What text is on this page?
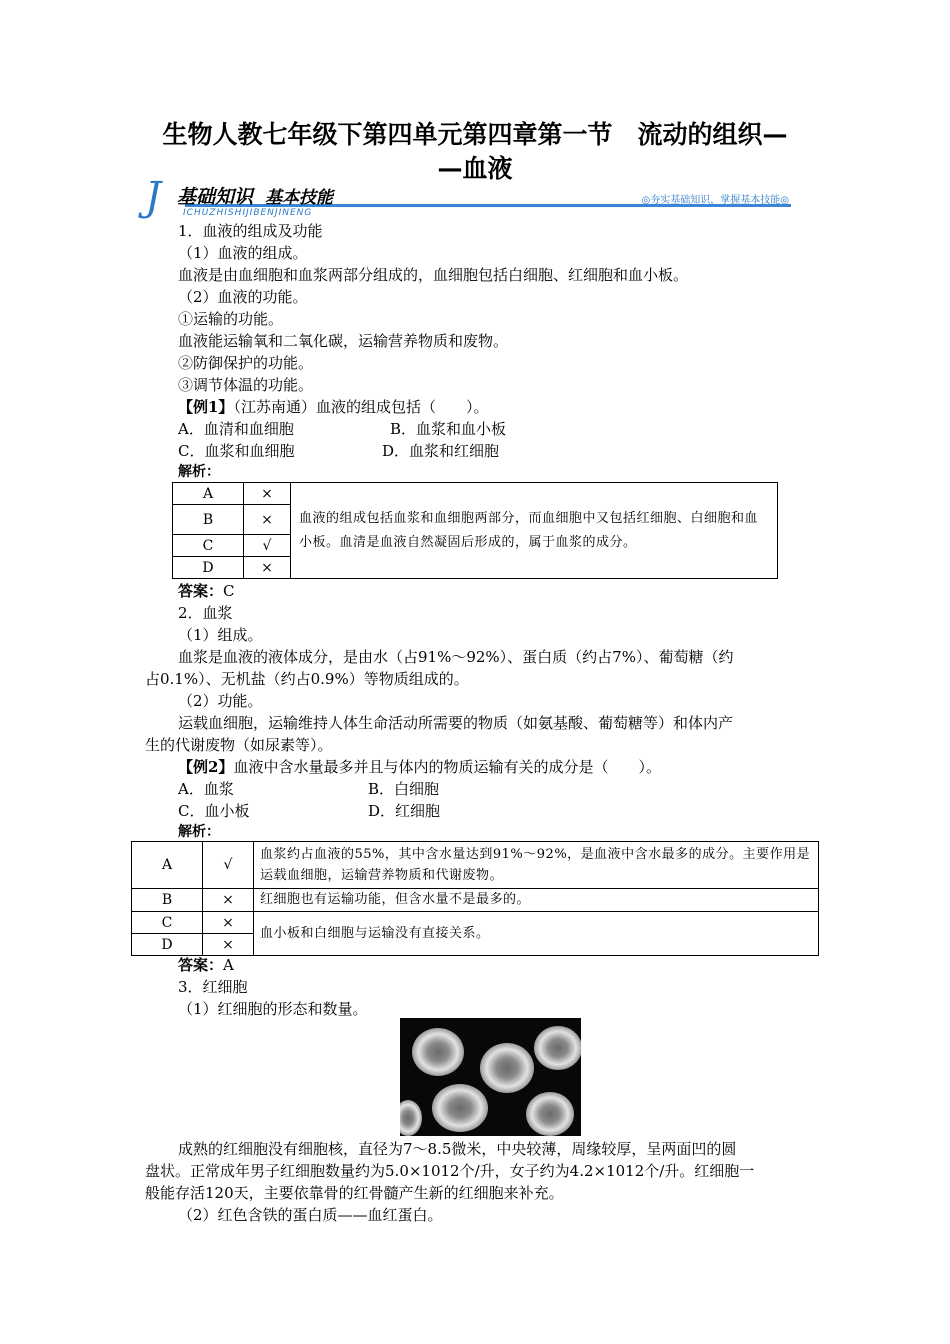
生物人教七年级下第四单元第四章第一节　流动的组织—
—血液
J 基础知识 基本技能
ICHUZHISHIJIBENJINENG
◎夯实基础知识，掌握基本技能◎
1．血液的组成及功能
（1）血液的组成。
血液是由血细胞和血浆两部分组成的，血细胞包括白细胞、红细胞和血小板。
（2）血液的功能。
①运输的功能。
血液能运输氧和二氧化碳，运输营养物质和废物。
②防御保护的功能。
③调节体温的功能。
【例1】（江苏南通）血液的组成包括（　　）。
A．血清和血细胞	B．血浆和血小板
C．血浆和血细胞	D．血浆和红细胞
解析：
A	×	血液的组成包括血浆和血细胞两部分，而血细胞中又包括红细胞、白细胞和血小板。血清是血液自然凝固后形成的，属于血浆的成分。
B	×	
C	√	
D	×	
答案：C
2．血浆
（1）组成。
血浆是血液的液体成分，是由水（占91%～92%）、蛋白质（约占7%）、葡萄糖（约
占0.1%）、无机盐（约占0.9%）等物质组成的。
（2）功能。
运载血细胞，运输维持人体生命活动所需要的物质（如氨基酸、葡萄糖等）和体内产
生的代谢废物（如尿素等）。
【例2】血液中含水量最多并且与体内的物质运输有关的成分是（　　）。
A．血浆	B．白细胞
C．血小板	D．红细胞
解析：
A	√	血浆约占血液的55%，其中含水量达到91%～92%，是血液中含水最多的成分。主要作用是运载血细胞，运输营养物质和代谢废物。
B	×	红细胞也有运输功能，但含水量不是最多的。
C	×	血小板和白细胞与运输没有直接关系。
D	×	
答案：A
3．红细胞
（1）红细胞的形态和数量。
成熟的红细胞没有细胞核，直径为7～8.5微米，中央较薄，周缘较厚，呈两面凹的圆
盘状。正常成年男子红细胞数量约为5.0×1012个/升，女子约为4.2×1012个/升。红细胞一
般能存活120天，主要依靠骨的红骨髓产生新的红细胞来补充。
（2）红色含铁的蛋白质——血红蛋白。
